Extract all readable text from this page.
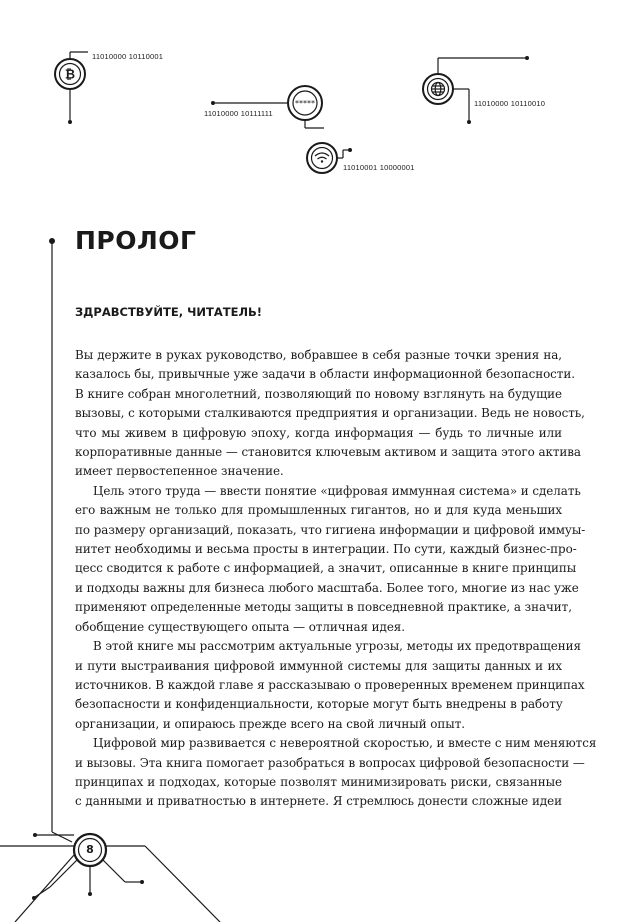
*****
₿
11010000 10110001
11010000 10111111
11010000 10110010
11010001 10000001
ПРОЛОГ
ЗДРАВСТВУЙТЕ, ЧИТАТЕЛЬ!
Вы держите в руках руководство, вобравшее в себя разные точки зрения на,
казалось бы, привычные уже задачи в области информационной безопасности.
В книге собран многолетний, позволяющий по новому взглянуть на будущие
вызовы, с которыми сталкиваются предприятия и организации. Ведь не новость,
что мы живем в цифровую эпоху, когда информация — будь то личные или
корпоративные данные — становится ключевым активом и защита этого актива
имеет первостепенное значение.
Цель этого труда — ввести понятие «цифровая иммунная система» и сделать
его важным не только для промышленных гигантов, но и для куда меньших
по размеру организаций, показать, что гигиена информации и цифровой иммуы-
нитет необходимы и весьма просты в интеграции. По сути, каждый бизнес-про-
цесс сводится к работе с информацией, а значит, описанные в книге принципы
и подходы важны для бизнеса любого масштаба. Более того, многие из нас уже
применяют определенные методы защиты в повседневной практике, а значит,
обобщение существующего опыта — отличная идея.
В этой книге мы рассмотрим актуальные угрозы, методы их предотвращения
и пути выстраивания цифровой иммунной системы для защиты данных и их
источников. В каждой главе я рассказываю о проверенных временем принципах
безопасности и конфиденциальности, которые могут быть внедрены в работу
организации, и опираюсь прежде всего на свой личный опыт.
Цифровой мир развивается с невероятной скоростью, и вместе с ним меняются
и вызовы. Эта книга помогает разобраться в вопросах цифровой безопасности —
принципах и подходах, которые позволят минимизировать риски, связанные
с данными и приватностью в интернете. Я стремлюсь донести сложные идеи
8
